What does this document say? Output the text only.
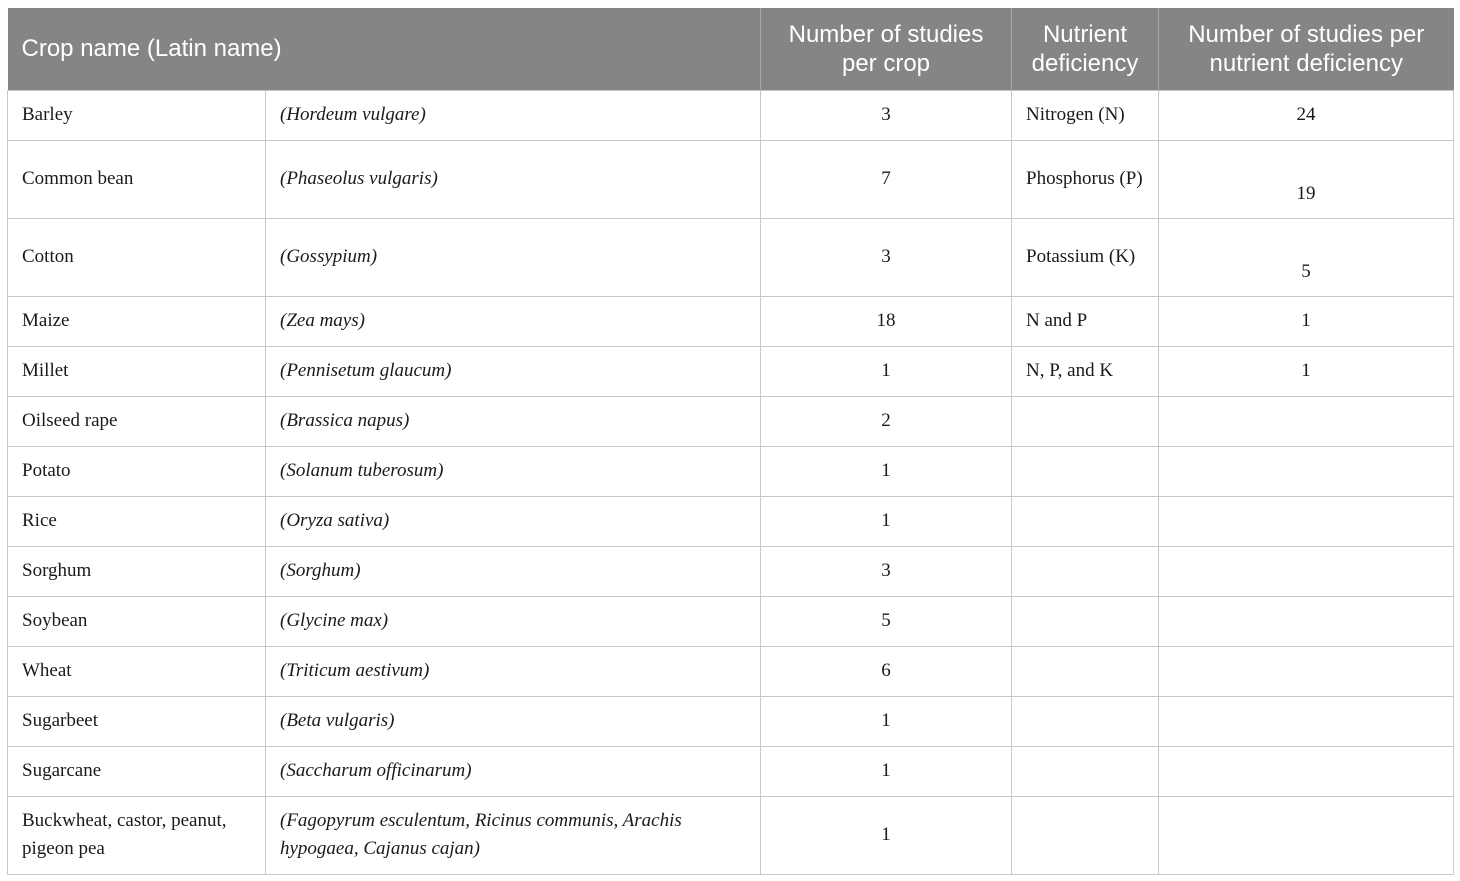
Crop name (Latin name)		Number of studies per crop	Nutrient deficiency	Number of studies per nutrient deficiency
Barley	(Hordeum vulgare)	3	Nitrogen (N)	24
Common bean	(Phaseolus vulgaris)	7	Phosphorus (P)	19
Cotton	(Gossypium)	3	Potassium (K)	5
Maize	(Zea mays)	18	N and P	1
Millet	(Pennisetum glaucum)	1	N, P, and K	1
Oilseed rape	(Brassica napus)	2		
Potato	(Solanum tuberosum)	1		
Rice	(Oryza sativa)	1		
Sorghum	(Sorghum)	3		
Soybean	(Glycine max)	5		
Wheat	(Triticum aestivum)	6		
Sugarbeet	(Beta vulgaris)	1		
Sugarcane	(Saccharum officinarum)	1		
Buckwheat, castor, peanut, pigeon pea	(Fagopyrum esculentum, Ricinus communis, Arachis hypogaea, Cajanus cajan)	1		
